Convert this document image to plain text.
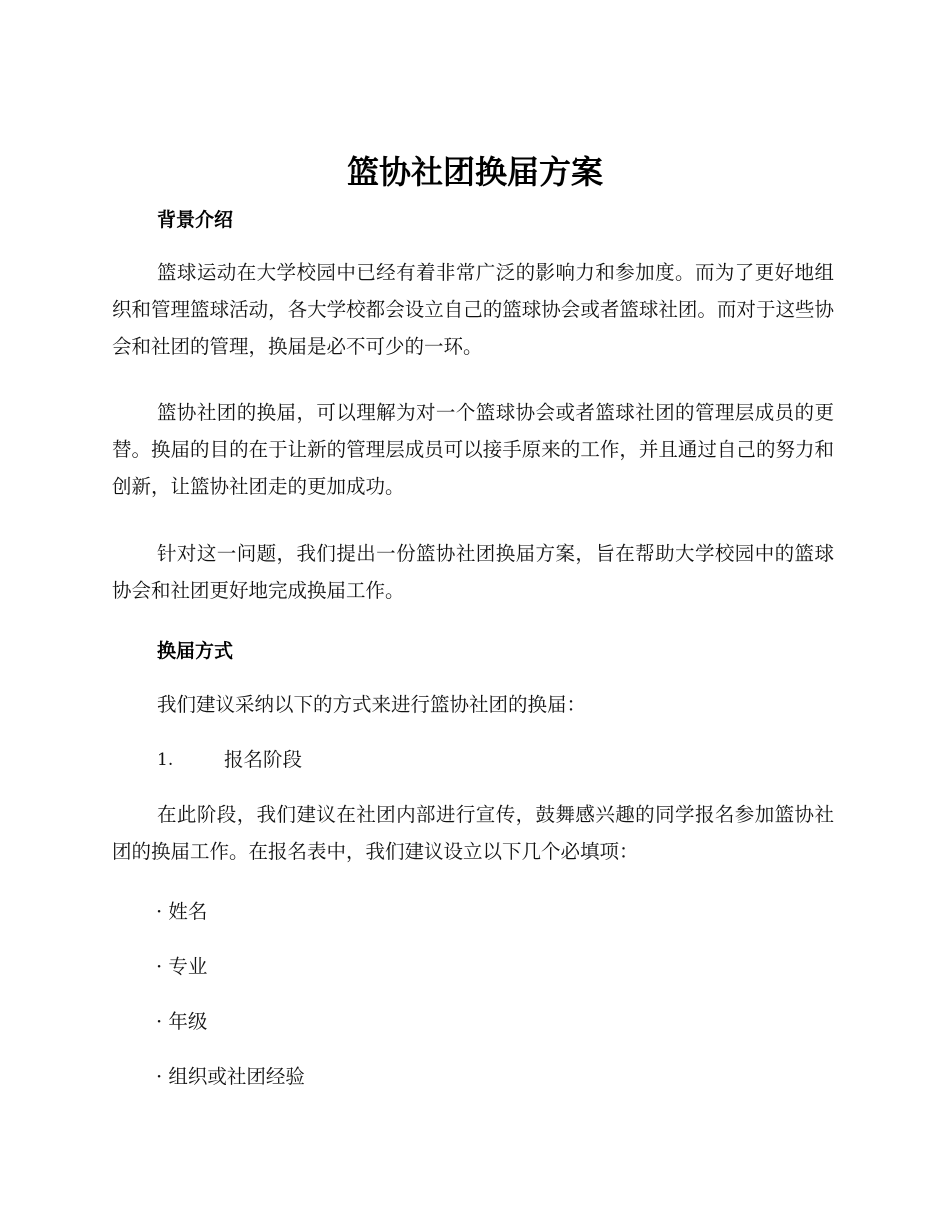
篮协社团换届方案
背景介绍

篮球运动在大学校园中已经有着非常广泛的影响力和参加度。而为了更好地组织和管理篮球活动，各大学校都会设立自己的篮球协会或者篮球社团。而对于这些协会和社团的管理，换届是必不可少的一环。

篮协社团的换届，可以理解为对一个篮球协会或者篮球社团的管理层成员的更替。换届的目的在于让新的管理层成员可以接手原来的工作，并且通过自己的努力和创新，让篮协社团走的更加成功。

针对这一问题，我们提出一份篮协社团换届方案，旨在帮助大学校园中的篮球协会和社团更好地完成换届工作。

换届方式

我们建议采纳以下的方式来进行篮协社团的换届：

1.	报名阶段

在此阶段，我们建议在社团内部进行宣传，鼓舞感兴趣的同学报名参加篮协社团的换届工作。在报名表中，我们建议设立以下几个必填项：

· 姓名
· 专业
· 年级
· 组织或社团经验
